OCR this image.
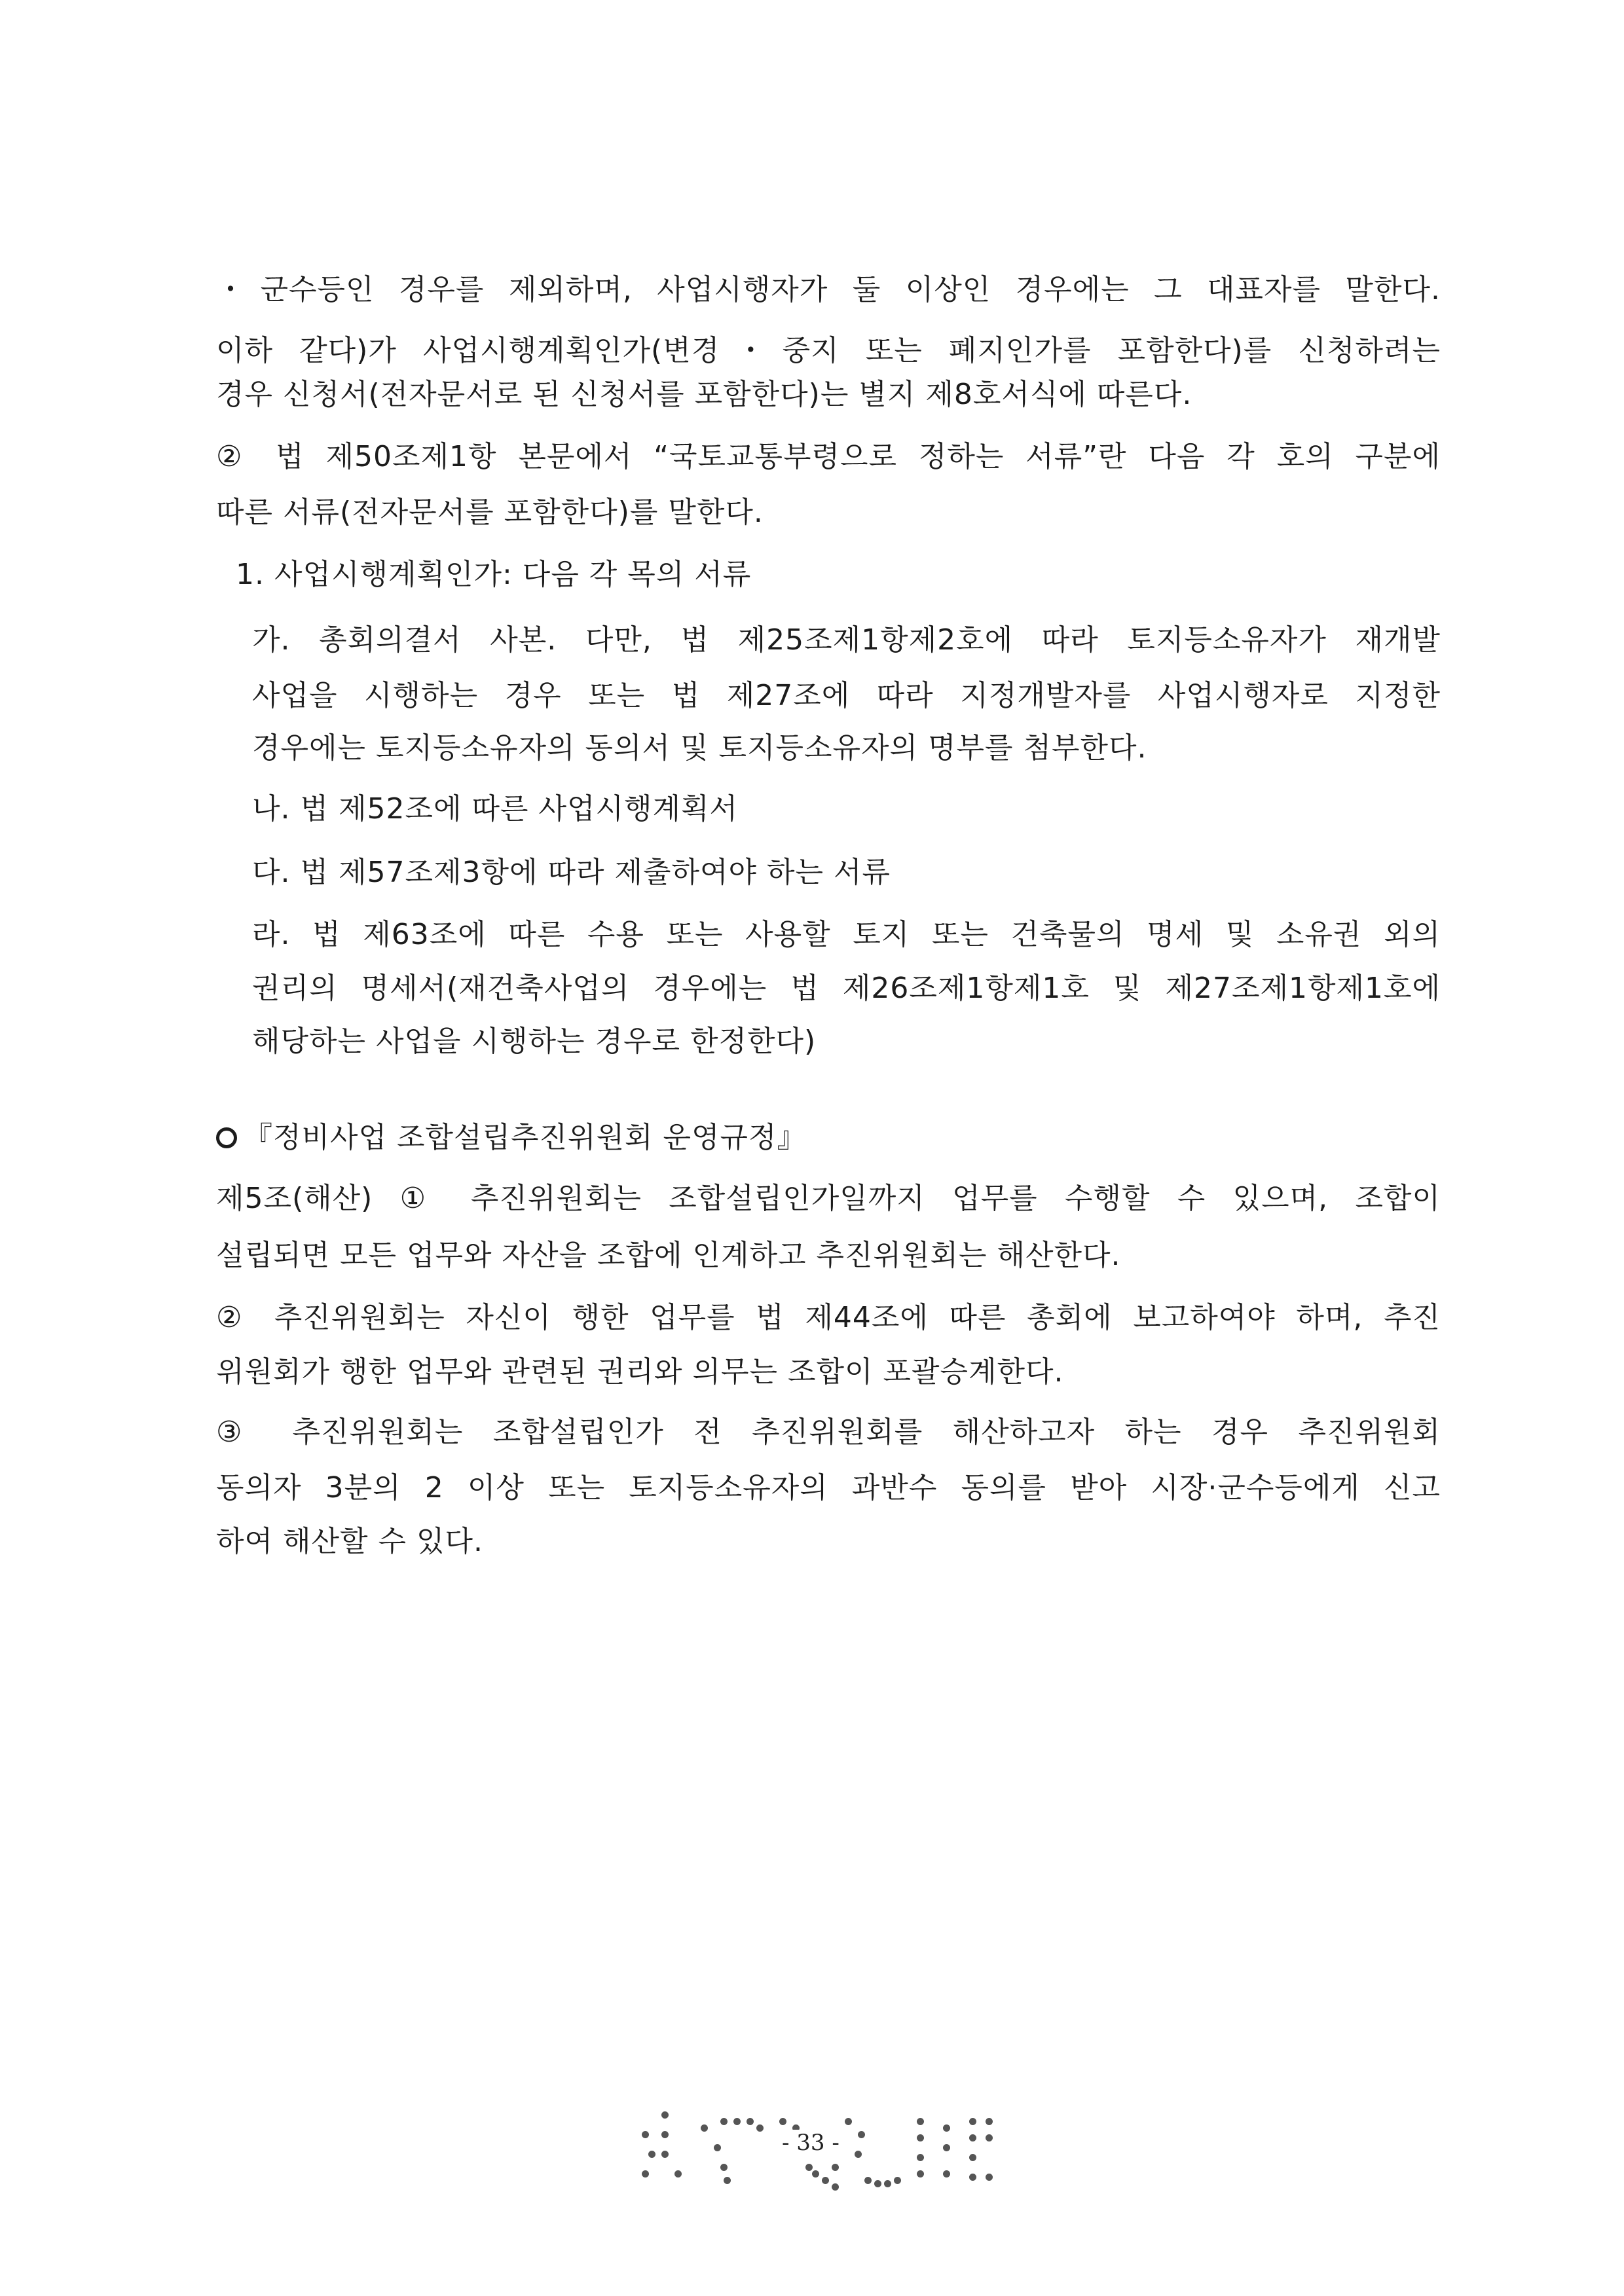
・군수등인 경우를 제외하며, 사업시행자가 둘 이상인 경우에는 그 대표자를 말한다.
이하 같다)가 사업시행계획인가(변경・중지 또는 폐지인가를 포함한다)를 신청하려는
경우 신청서(전자문서로 된 신청서를 포함한다)는 별지 제8호서식에 따른다.
② 법 제50조제1항 본문에서 “국토교통부령으로 정하는 서류”란 다음 각 호의 구분에
따른 서류(전자문서를 포함한다)를 말한다.
1. 사업시행계획인가: 다음 각 목의 서류
가. 총회의결서 사본. 다만, 법 제25조제1항제2호에 따라 토지등소유자가 재개발
사업을 시행하는 경우 또는 법 제27조에 따라 지정개발자를 사업시행자로 지정한
경우에는 토지등소유자의 동의서 및 토지등소유자의 명부를 첨부한다.
나. 법 제52조에 따른 사업시행계획서
다. 법 제57조제3항에 따라 제출하여야 하는 서류
라. 법 제63조에 따른 수용 또는 사용할 토지 또는 건축물의 명세 및 소유권 외의
권리의 명세서(재건축사업의 경우에는 법 제26조제1항제1호 및 제27조제1항제1호에
해당하는 사업을 시행하는 경우로 한정한다)
『정비사업 조합설립추진위원회 운영규정』
제5조(해산) ① 추진위원회는 조합설립인가일까지 업무를 수행할 수 있으며, 조합이
설립되면 모든 업무와 자산을 조합에 인계하고 추진위원회는 해산한다.
② 추진위원회는 자신이 행한 업무를 법 제44조에 따른 총회에 보고하여야 하며, 추진
위원회가 행한 업무와 관련된 권리와 의무는 조합이 포괄승계한다.
③ 추진위원회는 조합설립인가 전 추진위원회를 해산하고자 하는 경우 추진위원회
동의자 3분의 2 이상 또는 토지등소유자의 과반수 동의를 받아 시장·군수등에게 신고
하여 해산할 수 있다.
- 33 -
